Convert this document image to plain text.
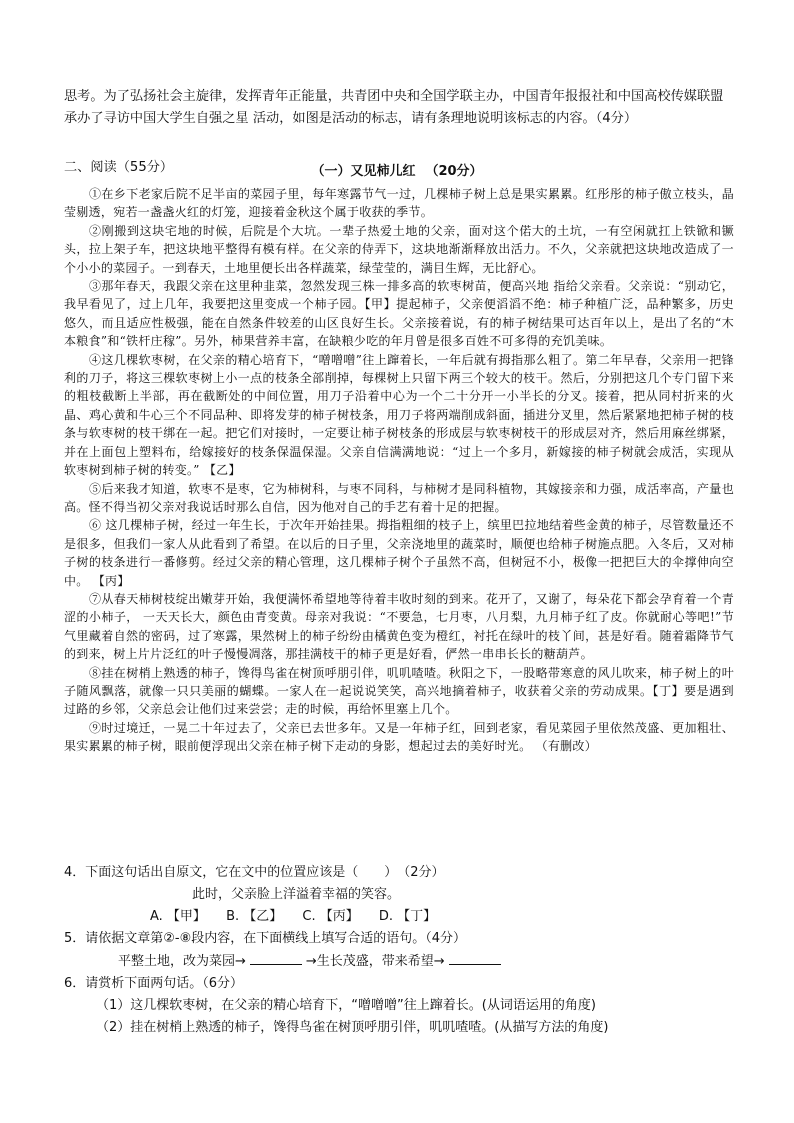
思考。为了弘扬社会主旋律，发挥青年正能量，共青团中央和全国学联主办，中国青年报报社和中国高校传媒联盟承办了寻访中国大学生自强之星 活动，如图是活动的标志，请有条理地说明该标志的内容。（4分）
二、阅读（55分）	（一）又见柿儿红 （20分）

①在乡下老家后院不足半亩的菜园子里，每年寒露节气一过，几棵柿子树上总是果实累累。红彤彤的柿子傲立枝头，晶莹剔透，宛若一盏盏火红的灯笼，迎接着金秋这个属于收获的季节。

②刚搬到这块宅地的时候，后院是个大坑。一辈子热爱土地的父亲，面对这个偌大的土坑，一有空闲就扛上铁锨和镢头，拉上架子车，把这块地平整得有模有样。在父亲的侍弄下，这块地渐渐释放出活力。不久，父亲就把这块地改造成了一个小小的菜园子。一到春天，土地里便长出各样蔬菜，绿莹莹的，满目生辉，无比舒心。

③那年春天，我跟父亲在这里种韭菜，忽然发现三株一排多高的软枣树苗，便高兴地 指给父亲看。父亲说：“别动它，我早看见了，过上几年，我要把这里变成一个柿子园。【甲】提起柿子，父亲便滔滔不绝：柿子种植广泛，品种繁多，历史悠久，而且适应性极强，能在自然条件较差的山区良好生长。父亲接着说，有的柿子树结果可达百年以上，是出了名的“木本粮食”和“铁杆庄稼”。另外，柿果营养丰富，在缺粮少吃的年月曾是很多百姓不可多得的充饥美味。

④这几棵软枣树，在父亲的精心培育下，“噌噌噌”往上蹿着长，一年后就有拇指那么粗了。第二年早春，父亲用一把锋利的刀子，将这三棵软枣树上小一点的枝条全部削掉，每棵树上只留下两三个较大的枝干。然后，分别把这几个专门留下来的粗枝截断上半部，再在截断处的中间位置，用刀子沿着中心为一个二十分开一小半长的分叉。接着，把从同村折来的火晶、鸡心黄和牛心三个不同品种、即将发芽的柿子树枝条，用刀子将两端削成斜面，插进分叉里，然后紧紧地把柿子树的枝条与软枣树的枝干绑在一起。把它们对接时，一定要让柿子树枝条的形成层与软枣树枝干的形成层对齐，然后用麻丝绑紧，并在上面包上塑料布，给嫁接好的枝条保温保湿。父亲自信满满地说：“过上一个多月，新嫁接的柿子树就会成活，实现从软枣树到柿子树的转变。” 【乙】

⑤后来我才知道，软枣不是枣，它为柿树科，与枣不同科，与柿树才是同科植物，其嫁接亲和力强，成活率高，产量也高。怪不得当初父亲对我说话时那么自信，因为他对自己的手艺有着十足的把握。

⑥ 这几棵柿子树，经过一年生长，于次年开始挂果。拇指粗细的枝子上，缤里巴拉地结着些金黄的柿子，尽管数量还不是很多，但我们一家人从此看到了希望。在以后的日子里，父亲浇地里的蔬菜时，顺便也给柿子树施点肥。入冬后，又对柿子树的枝条进行一番修剪。经过父亲的精心管理，这几棵柿子树个子虽然不高，但树冠不小，极像一把把巨大的伞撑伸向空中。 【丙】

⑦从春天柿树枝绽出嫩芽开始，我便满怀希望地等待着丰收时刻的到来。花开了，又谢了，每朵花下都会孕育着一个青涩的小柿子， 一天天长大，颜色由青变黄。母亲对我说：“不要急，七月枣，八月梨，九月柿子红了皮。你就耐心等吧!”节气里藏着自然的密码，过了寒露，果然树上的柿子纷纷由橘黄色变为橙红，衬托在绿叶的枝丫间，甚是好看。随着霜降节气的到来，树上片片泛红的叶子慢慢凋落，那挂满枝干的柿子更是好看，俨然一串串长长的糖葫芦。

⑧挂在树梢上熟透的柿子，馋得鸟雀在树顶呼朋引伴，叽叽喳喳。秋阳之下，一股略带寒意的风儿吹来，柿子树上的叶子随风飘落，就像一只只美丽的蝴蝶。一家人在一起说说笑笑，高兴地摘着柿子，收获着父亲的劳动成果。【丁】要是遇到过路的乡邻，父亲总会让他们过来尝尝；走的时候，再给怀里塞上几个。

⑨时过境迁，一晃二十年过去了，父亲已去世多年。又是一年柿子红，回到老家，看见菜园子里依然茂盛、更加粗壮、果实累累的柿子树，眼前便浮现出父亲在柿子树下走动的身影，想起过去的美好时光。 （有删改）

4．下面这句话出自原文，它在文中的位置应该是（　　）　（2分）
此时，父亲脸上洋溢着幸福的笑容。
A. 【甲】 B. 【乙】 C. 【丙】 D. 【丁】
5．请依据文章第②-⑧段内容，在下面横线上填写合适的语句。（4分）
平整土地，改为菜园→	→生长茂盛，带来希望→
6．请赏析下面两句话。（6分）
（1）这几棵软枣树，在父亲的精心培育下，“噌噌噌”往上蹿着长。(从词语运用的角度)
（2）挂在树梢上熟透的柿子，馋得鸟雀在树顶呼朋引伴，叽叽喳喳。(从描写方法的角度)
